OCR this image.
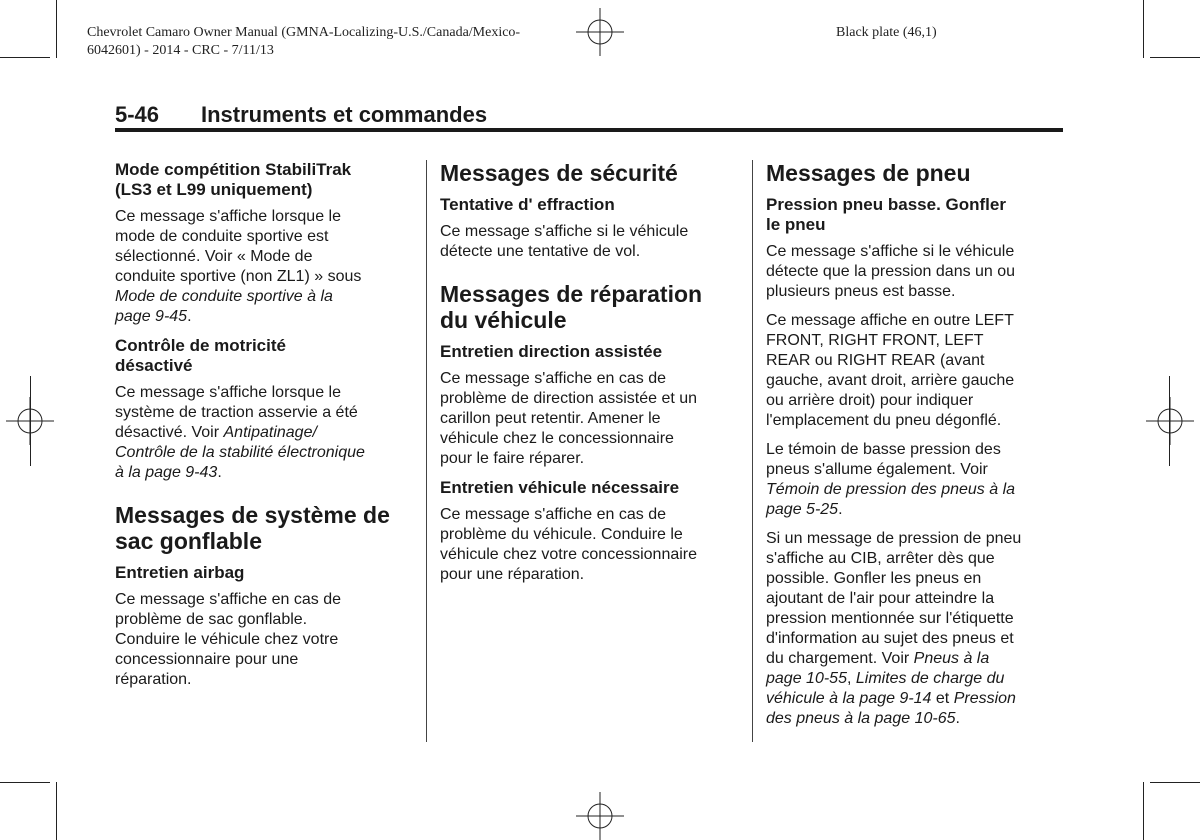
Chevrolet Camaro Owner Manual (GMNA-Localizing-U.S./Canada/Mexico-
6042601) - 2014 - CRC - 7/11/13
Black plate (46,1)
5-46 Instruments et commandes
Mode compétition StabiliTrak
(LS3 et L99 uniquement)

Ce message s'affiche lorsque le
mode de conduite sportive est
sélectionné. Voir « Mode de
conduite sportive (non ZL1) » sous
Mode de conduite sportive à la
page 9-45.

Contrôle de motricité
désactivé

Ce message s'affiche lorsque le
système de traction asservie a été
désactivé. Voir Antipatinage/
Contrôle de la stabilité électronique
à la page 9-43.

Messages de système de
sac gonflable
Entretien airbag

Ce message s'affiche en cas de
problème de sac gonflable.
Conduire le véhicule chez votre
concessionnaire pour une
réparation.

Messages de sécurité
Tentative d' effraction

Ce message s'affiche si le véhicule
détecte une tentative de vol.

Messages de réparation
du véhicule
Entretien direction assistée

Ce message s'affiche en cas de
problème de direction assistée et un
carillon peut retentir. Amener le
véhicule chez le concessionnaire
pour le faire réparer.

Entretien véhicule nécessaire

Ce message s'affiche en cas de
problème du véhicule. Conduire le
véhicule chez votre concessionnaire
pour une réparation.

Messages de pneu
Pression pneu basse. Gonfler
le pneu

Ce message s'affiche si le véhicule
détecte que la pression dans un ou
plusieurs pneus est basse.

Ce message affiche en outre LEFT
FRONT, RIGHT FRONT, LEFT
REAR ou RIGHT REAR (avant
gauche, avant droit, arrière gauche
ou arrière droit) pour indiquer
l'emplacement du pneu dégonflé.

Le témoin de basse pression des
pneus s'allume également. Voir
Témoin de pression des pneus à la
page 5-25.

Si un message de pression de pneu
s'affiche au CIB, arrêter dès que
possible. Gonfler les pneus en
ajoutant de l'air pour atteindre la
pression mentionnée sur l'étiquette
d'information au sujet des pneus et
du chargement. Voir Pneus à la
page 10-55, Limites de charge du
véhicule à la page 9-14 et Pression
des pneus à la page 10-65.
